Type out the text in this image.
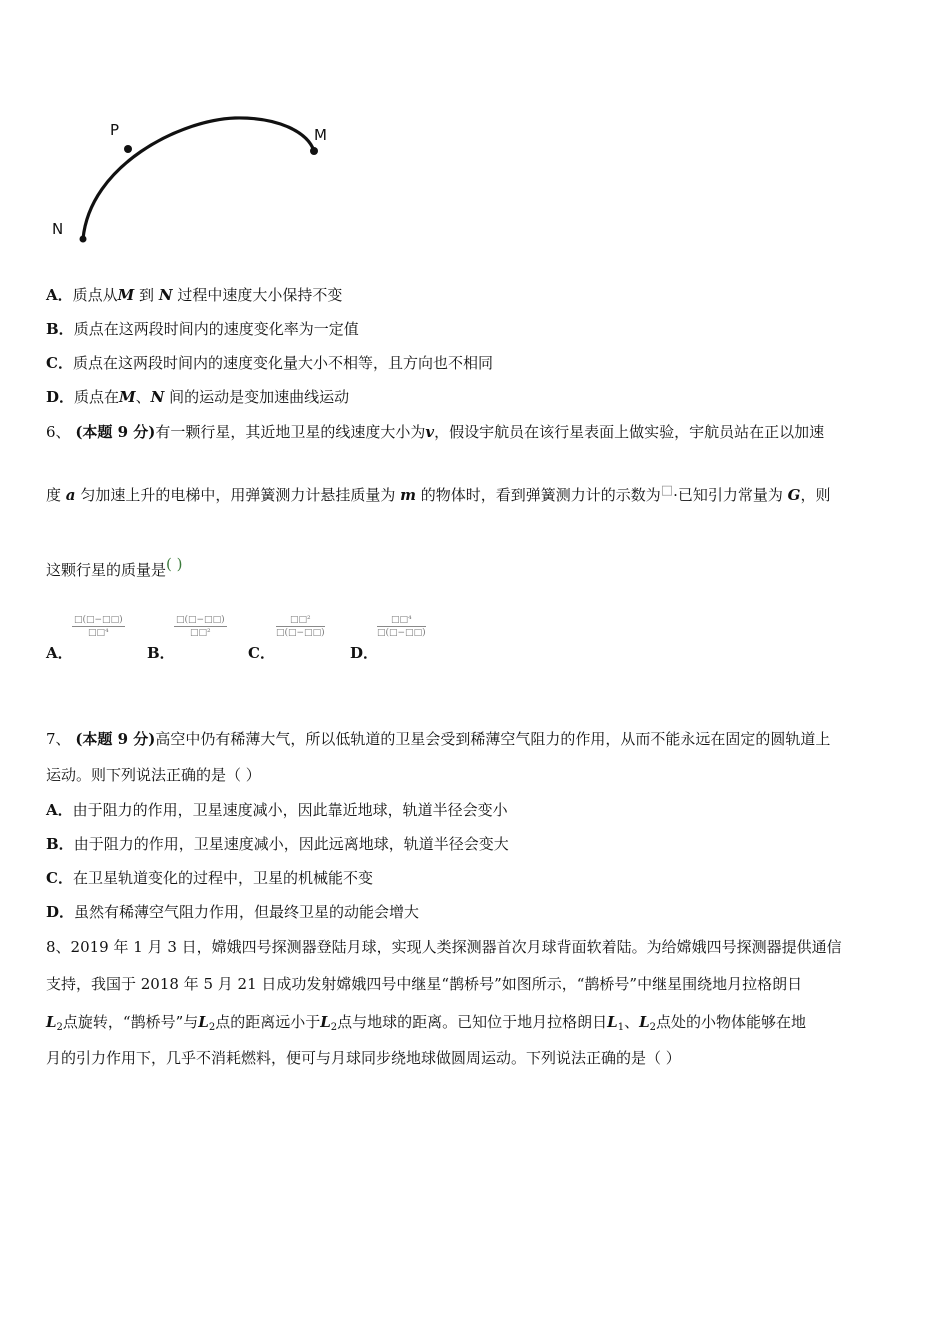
P	M
N
A．质点从M 到 N 过程中速度大小保持不变
B．质点在这两段时间内的速度变化率为一定值
C．质点在这两段时间内的速度变化量大小不相等，且方向也不相同
D．质点在M、N 间的运动是变加速曲线运动
6、 (本题 9 分)有一颗行星，其近地卫星的线速度大小为v，假设宇航员在该行星表面上做实验，宇航员站在正以加速
度 a 匀加速上升的电梯中，用弹簧测力计悬挂质量为 m 的物体时，看到弹簧测力计的示数为□·已知引力常量为 G，则
这颗行星的质量是( )
A．
□(□−□□)
□□⁴
B．
□(□−□□)
□□²
C．
□□²
□(□−□□)
D．
□□⁴
□(□−□□)
7、 (本题 9 分)高空中仍有稀薄大气，所以低轨道的卫星会受到稀薄空气阻力的作用，从而不能永远在固定的圆轨道上
运动。则下列说法正确的是（ ）
A．由于阻力的作用，卫星速度减小，因此靠近地球，轨道半径会变小
B．由于阻力的作用，卫星速度减小，因此远离地球，轨道半径会变大
C．在卫星轨道变化的过程中，卫星的机械能不变
D．虽然有稀薄空气阻力作用，但最终卫星的动能会增大
8、2019 年 1 月 3 日，嫦娥四号探测器登陆月球，实现人类探测器首次月球背面软着陆。为给嫦娥四号探测器提供通信
支持，我国于 2018 年 5 月 21 日成功发射嫦娥四号中继星“鹊桥号”如图所示，“鹊桥号”中继星围绕地月拉格朗日
$L_2$点旋转，“鹊桥号”与$L_2$点的距离远小于$L_2$点与地球的距离。已知位于地月拉格朗日$L_1$、$L_2$点处的小物体能够在地
月的引力作用下，几乎不消耗燃料，便可与月球同步绕地球做圆周运动。下列说法正确的是（ ）
